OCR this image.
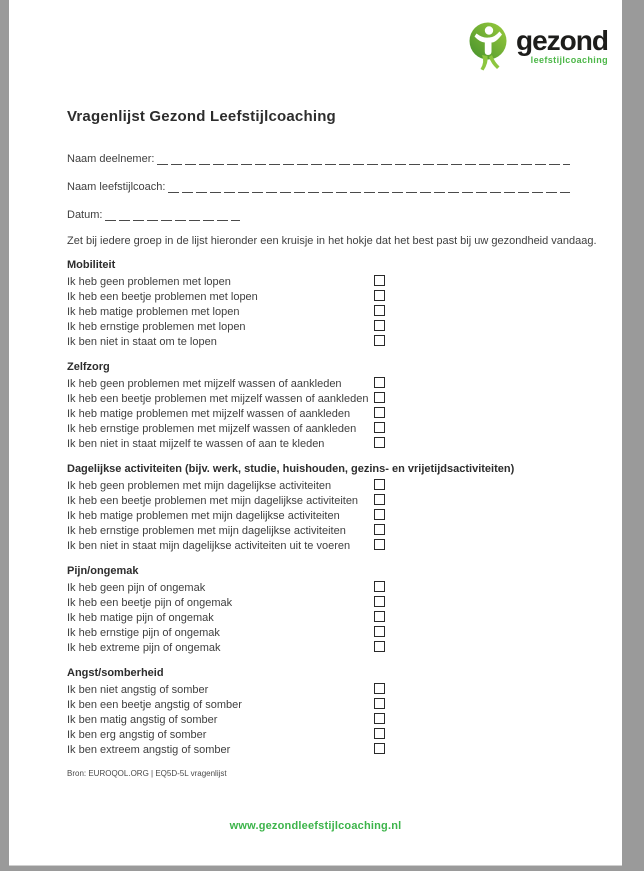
gezond
leefstijlcoaching
Vragenlijst Gezond Leefstijlcoaching
Naam deelnemer:
Naam leefstijlcoach:
Datum:
Zet bij iedere groep in de lijst hieronder een kruisje in het hokje dat het best past bij uw gezondheid vandaag.
Mobiliteit
Ik heb geen problemen met lopen
Ik heb een beetje problemen met lopen
Ik heb matige problemen met lopen
Ik heb ernstige problemen met lopen
Ik ben niet in staat om te lopen
Zelfzorg
Ik heb geen problemen met mijzelf wassen of aankleden
Ik heb een beetje problemen met mijzelf wassen of aankleden
Ik heb matige problemen met mijzelf wassen of aankleden
Ik heb ernstige problemen met mijzelf wassen of aankleden
Ik ben niet in staat mijzelf te wassen of aan te kleden
Dagelijkse activiteiten (bijv. werk, studie, huishouden, gezins- en vrijetijdsactiviteiten)
Ik heb geen problemen met mijn dagelijkse activiteiten
Ik heb een beetje problemen met mijn dagelijkse activiteiten
Ik heb matige problemen met mijn dagelijkse activiteiten
Ik heb ernstige problemen met mijn dagelijkse activiteiten
Ik ben niet in staat mijn dagelijkse activiteiten uit te voeren
Pijn/ongemak
Ik heb geen pijn of ongemak
Ik heb een beetje pijn of ongemak
Ik heb matige pijn of ongemak
Ik heb ernstige pijn of ongemak
Ik heb extreme pijn of ongemak
Angst/somberheid
Ik ben niet angstig of somber
Ik ben een beetje angstig of somber
Ik ben matig angstig of somber
Ik ben erg angstig of somber
Ik ben extreem angstig of somber
Bron: EUROQOL.ORG | EQ5D-5L vragenlijst
www.gezondleefstijlcoaching.nl
